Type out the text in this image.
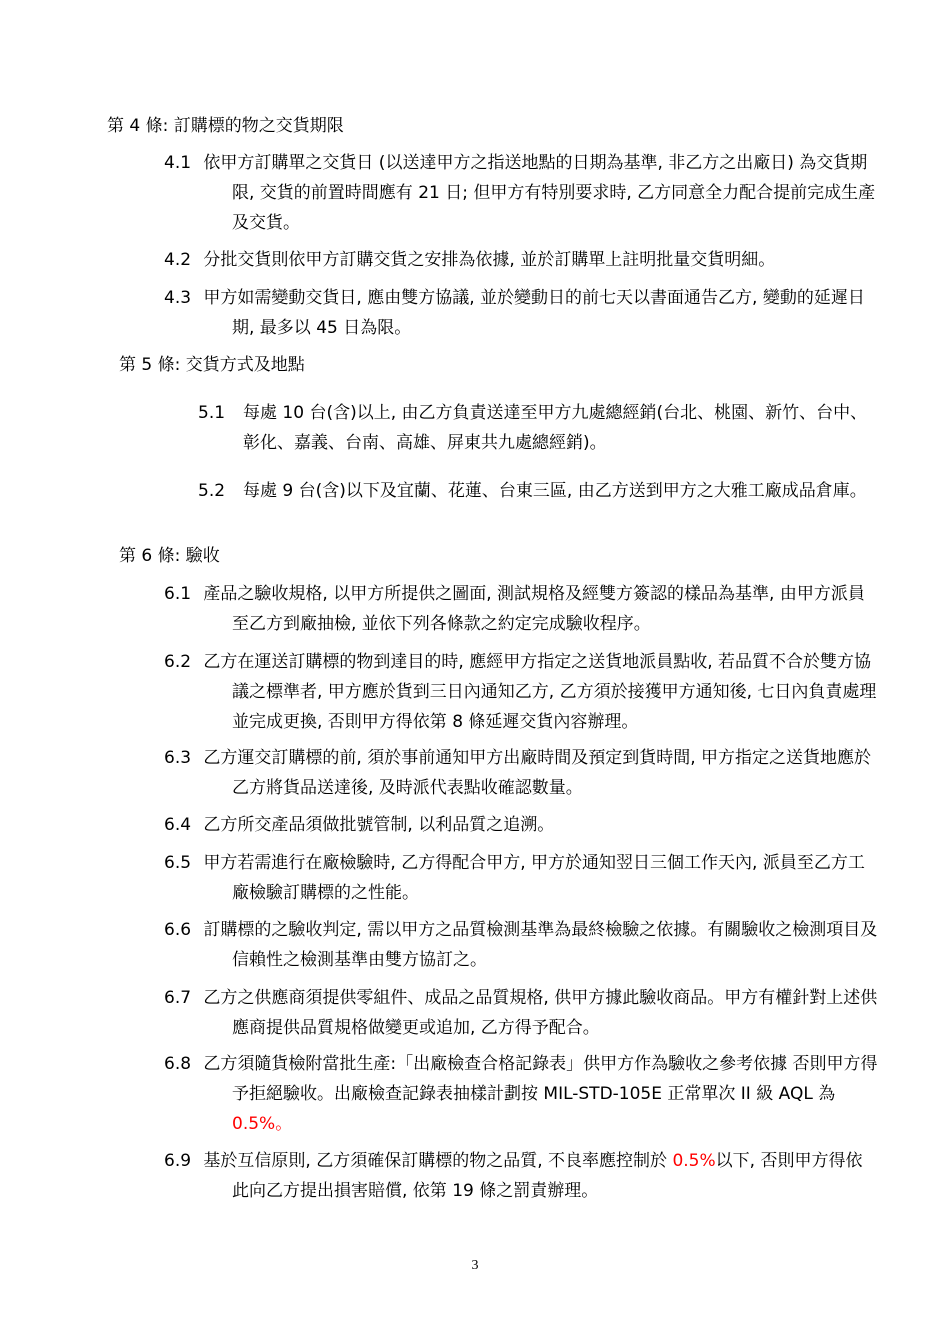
第 4 條: 訂購標的物之交貨期限
4.1 依甲方訂購單之交貨日 (以送達甲方之指送地點的日期為基準, 非乙方之出廠日) 為交貨期限, 交貨的前置時間應有 21 日; 但甲方有特別要求時, 乙方同意全力配合提前完成生產及交貨。
4.2 分批交貨則依甲方訂購交貨之安排為依據, 並於訂購單上註明批量交貨明細。
4.3 甲方如需變動交貨日, 應由雙方協議, 並於變動日的前七天以書面通告乙方, 變動的延遲日期, 最多以 45 日為限。
第 5 條: 交貨方式及地點
5.1 每處 10 台(含)以上, 由乙方負責送達至甲方九處總經銷(台北、桃園、新竹、台中、彰化、嘉義、台南、高雄、屏東共九處總經銷)。
5.2 每處 9 台(含)以下及宜蘭、花蓮、台東三區, 由乙方送到甲方之大雅工廠成品倉庫。
第 6 條: 驗收
6.1 產品之驗收規格, 以甲方所提供之圖面, 測試規格及經雙方簽認的樣品為基準, 由甲方派員至乙方到廠抽檢, 並依下列各條款之約定完成驗收程序。
6.2 乙方在運送訂購標的物到達目的時, 應經甲方指定之送貨地派員點收, 若品質不合於雙方協議之標準者, 甲方應於貨到三日內通知乙方, 乙方須於接獲甲方通知後, 七日內負責處理並完成更換, 否則甲方得依第 8 條延遲交貨內容辦理。
6.3 乙方運交訂購標的前, 須於事前通知甲方出廠時間及預定到貨時間, 甲方指定之送貨地應於乙方將貨品送達後, 及時派代表點收確認數量。
6.4 乙方所交產品須做批號管制, 以利品質之追溯。
6.5 甲方若需進行在廠檢驗時, 乙方得配合甲方, 甲方於通知翌日三個工作天內, 派員至乙方工廠檢驗訂購標的之性能。
6.6 訂購標的之驗收判定, 需以甲方之品質檢測基準為最終檢驗之依據。有關驗收之檢測項目及信賴性之檢測基準由雙方協訂之。
6.7 乙方之供應商須提供零組件、成品之品質規格, 供甲方據此驗收商品。甲方有權針對上述供應商提供品質規格做變更或追加, 乙方得予配合。
6.8 乙方須隨貨檢附當批生產:「出廠檢查合格記錄表」供甲方作為驗收之參考依據 否則甲方得予拒絕驗收。出廠檢查記錄表抽樣計劃按 MIL-STD-105E 正常單次 II 級 AQL 為 0.5%。
6.9 基於互信原則, 乙方須確保訂購標的物之品質, 不良率應控制於 0.5%以下, 否則甲方得依此向乙方提出損害賠償, 依第 19 條之罰責辦理。
3
